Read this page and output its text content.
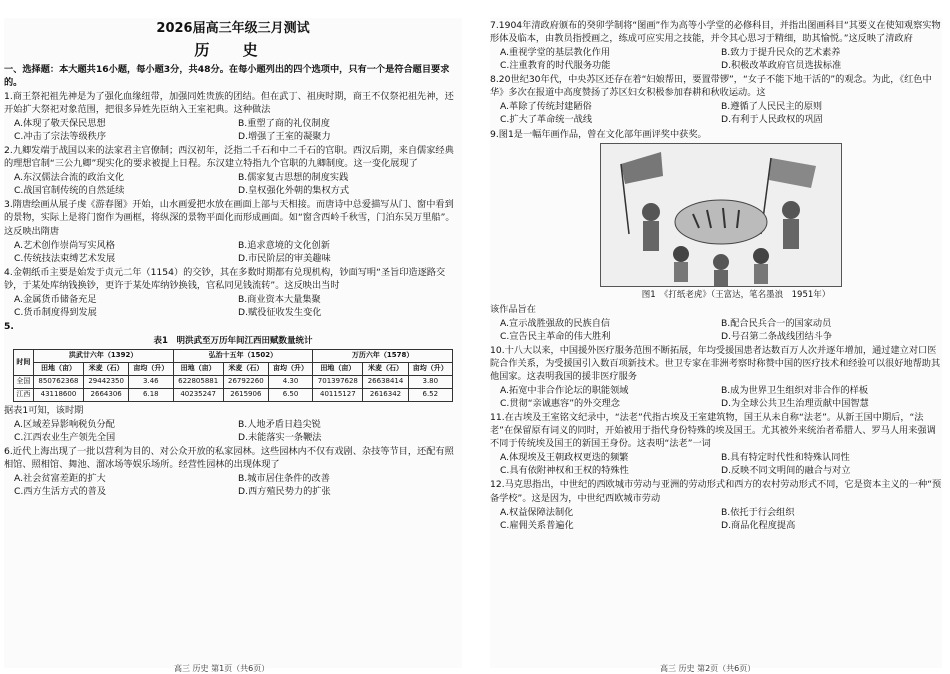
2026届高三年级三月测试
历 史
一、选择题：本大题共16小题，每小题3分，共48分。在每小题列出的四个选项中，只有一个是符合题目要求的。
1.商王祭祀祖先神是为了强化血缘纽带，加强同姓贵族的团结。但在武丁、祖庚时期，商王不仅祭祀祖先神，还开始扩大祭祀对象范围，把很多异姓先臣纳入王室祀典。这种做法
A.体现了敬天保民思想	B.重塑了商的礼仪制度
C.冲击了宗法等级秩序	D.增强了王室的凝聚力
2.九卿发端于战国以来的法家君主官僚制；西汉初年，泛指二千石和中二千石的官职。西汉后期，来自儒家经典的理想官制“三公九卿”现实化的要求被提上日程。东汉建立特指九个官职的九卿制度。这一变化展现了
A.东汉儒法合流的政治文化	B.儒家复古思想的制度实践
C.战国官制传统的自然延续	D.皇权强化外朝的集权方式
3.隋唐绘画从展子虔《游春图》开始，山水画爱把水放在画面上部与天相接。而唐诗中总爱描写从门、窗中看到的景物，实际上是将门窗作为画框，将纵深的景物平面化而形成画面。如“窗含西岭千秋雪，门泊东吴万里船”。这反映出隋唐
A.艺术创作崇尚写实风格	B.追求意境的文化创新
C.传统技法束缚艺术发展	D.市民阶层的审美趣味
4.金朝纸币主要是始发于贞元二年（1154）的交钞，其在多数时期都有兑现机构，钞面写明“圣旨印造逐路交钞，于某处库纳钱换钞，更许于某处库纳钞换钱，官私同见钱流转”。这反映出当时
A.金属货币储备充足	B.商业资本大量集聚
C.货币制度得到发展	D.赋役征收发生变化
5.
表1　明洪武至万历年间江西田赋数量统计
时间	洪武廿六年（1392）			弘治十五年（1502）			万历六年（1578）		
	田地（亩）	米麦（石）	亩均（升）	田地（亩）	米麦（石）	亩均（升）	田地（亩）	米麦（石）	亩均（升）
全国	850762368	29442350	3.46	622805881	26792260	4.30	701397628	26638414	3.80
江西	43118600	2664306	6.18	40235247	2615906	6.50	40115127	2616342	6.52
据表1可知，该时期
A.区域差异影响税负分配	B.人地矛盾日趋尖锐
C.江西农业生产领先全国	D.未能落实一条鞭法
6.近代上海出现了一批以营利为目的、对公众开放的私家园林。这些园林内不仅有戏剧、杂技等节目，还配有照相馆、照相馆、舞池、溜冰场等娱乐场所。经营性园林的出现体现了
A.社会贫富差距的扩大	B.城市居住条件的改善
C.西方生活方式的普及	D.西方殖民势力的扩张
高三 历史 第1页（共6页）
7.1904年清政府颁布的癸卯学制将“图画”作为高等小学堂的必修科目，并指出图画科目“其要义在使知观察实物形体及临本，由教员指授画之，练成可应实用之技能，并令其心思习于精细，助其愉悦。”这反映了清政府
A.重视学堂的基层教化作用	B.致力于提升民众的艺术素养
C.注重教育的时代服务功能	D.积极改革政府官员选拔标准
8.20世纪30年代，中央苏区还存在着“妇娘帮田，要置带锣”，“女子不能下地干活的”的观念。为此，《红色中华》多次在报道中高度赞扬了苏区妇女积极参加春耕和秋收运动。这
A.革除了传统封建陋俗	B.遵循了人民民主的原则
C.扩大了革命统一战线	D.有利于人民政权的巩固
9.图1是一幅年画作品，曾在文化部年画评奖中获奖。
图1　《打纸老虎》（王富达，笔名墨浪　1951年）
该作品旨在
A.宣示战胜强敌的民族自信	B.配合民兵合一的国家动员
C.宣告民主革命的伟大胜利	D.号召第二条战线团结斗争
10.十八大以来，中国援外医疗服务范围不断拓展，年均受援国患者达数百万人次并逐年增加，通过建立对口医院合作关系，为受援国引入数百项新技术。世卫专家在非洲考察时称赞中国的医疗技术和经验可以很好地帮助其他国家。这表明我国的援非医疗服务
A.拓宽中非合作论坛的职能领域	B.成为世界卫生组织对非合作的样板
C.贯彻“亲诚惠容”的外交理念	D.为全球公共卫生治理贡献中国智慧
11.在古埃及王室铭文纪录中，“法老”代指古埃及王室建筑物，国王从未自称“法老”。从新王国中期后，“法老”在保留原有词义的同时，开始被用于指代身份特殊的埃及国王。尤其被外来统治者希腊人、罗马人用来强调不同于传统埃及国王的新国王身份。这表明“法老”一词
A.体现埃及王朝政权更迭的频繁	B.具有特定时代性和特殊认同性
C.具有依附神权和王权的特殊性	D.反映不同文明间的融合与对立
12.马克思指出，中世纪的西欧城市劳动与亚洲的劳动形式和西方的农村劳动形式不同，它是资本主义的一种“预备学校”。这是因为，中世纪西欧城市劳动
A.权益保障法制化	B.依托于行会组织
C.雇佣关系普遍化	D.商品化程度提高
高三 历史 第2页（共6页）
